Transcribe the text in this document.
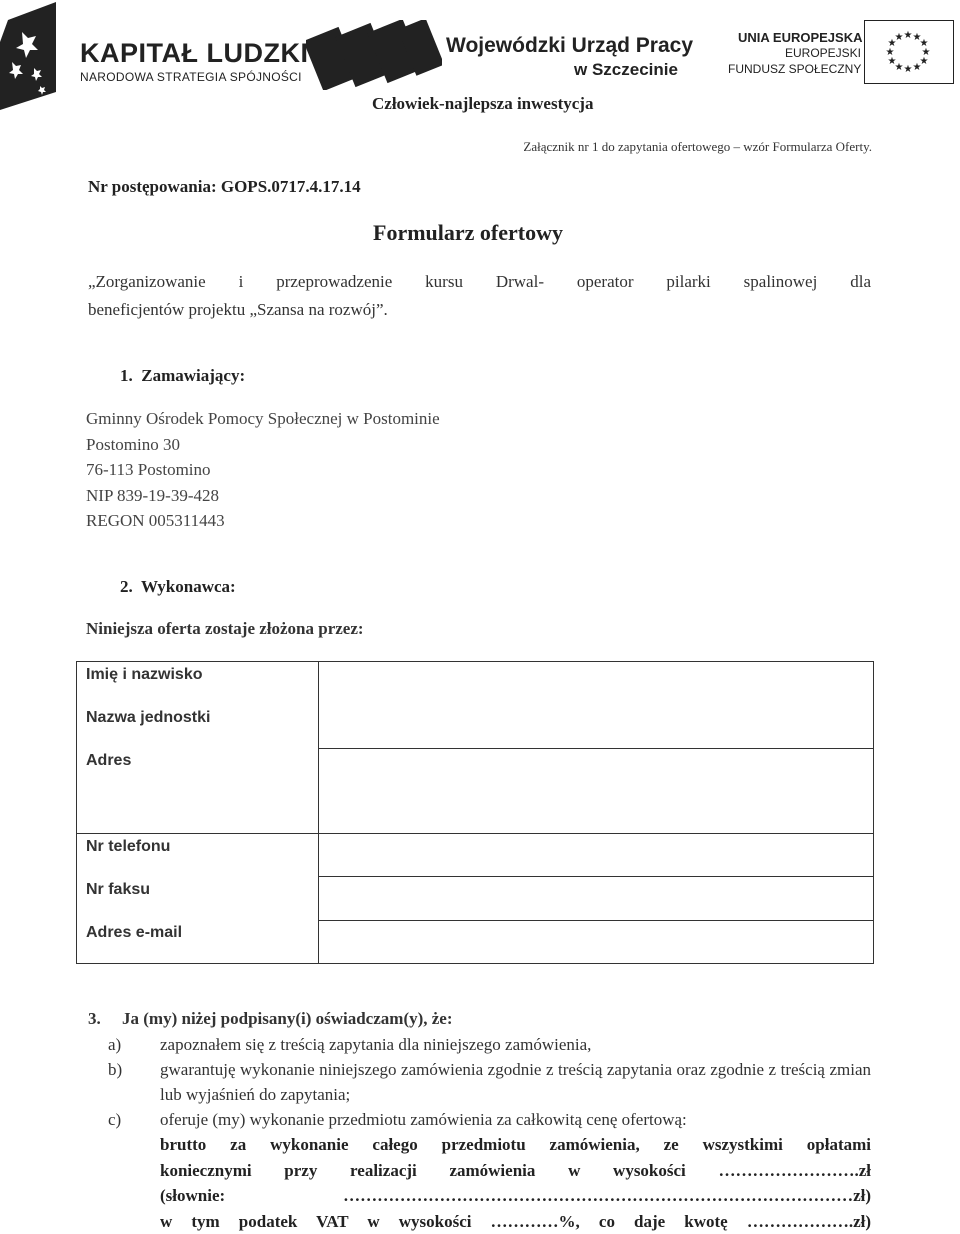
KAPITAŁ LUDZKI
NARODOWA STRATEGIA SPÓJNOŚCI
Wojewódzki Urząd Pracy
w Szczecinie
UNIA EUROPEJSKA
EUROPEJSKI
FUNDUSZ SPOŁECZNY
★ ★
★
★
★
★
★
★
★
★
★
★
Człowiek-najlepsza inwestycja
Załącznik nr 1 do zapytania ofertowego – wzór Formularza Oferty.
Nr postępowania: GOPS.0717.4.17.14
Formularz ofertowy
„Zorganizowanie i przeprowadzenie kursu Drwal- operator pilarki spalinowej dla
beneficjentów projektu „Szansa na rozwój”.
1.  Zamawiający:
Gminny Ośrodek Pomocy Społecznej w Postominie
Postomino 30
76-113 Postomino
NIP 839-19-39-428
REGON 005311443
2.  Wykonawca:
Niniejsza oferta zostaje złożona przez:
Imię i nazwisko
Nazwa jednostki
Adres	

Nr telefonu
Nr faksu
Adres e-mail	

3. Ja (my) niżej podpisany(i) oświadczam(y), że:
a) zapoznałem się z treścią zapytania dla niniejszego zamówienia,
b) gwarantuję wykonanie niniejszego zamówienia zgodnie z treścią zapytania oraz zgodnie z treścią zmian lub wyjaśnień do zapytania;
c) oferuje (my) wykonanie przedmiotu zamówienia za całkowitą cenę ofertową:
brutto za wykonanie całego przedmiotu zamówienia, ze wszystkimi opłatami
koniecznymi przy realizacji zamówienia w wysokości …………………….zł
(słownie: ………………………………………………………………………………zł)
w tym podatek VAT w wysokości …………%, co daje kwotę ……………….zł)
